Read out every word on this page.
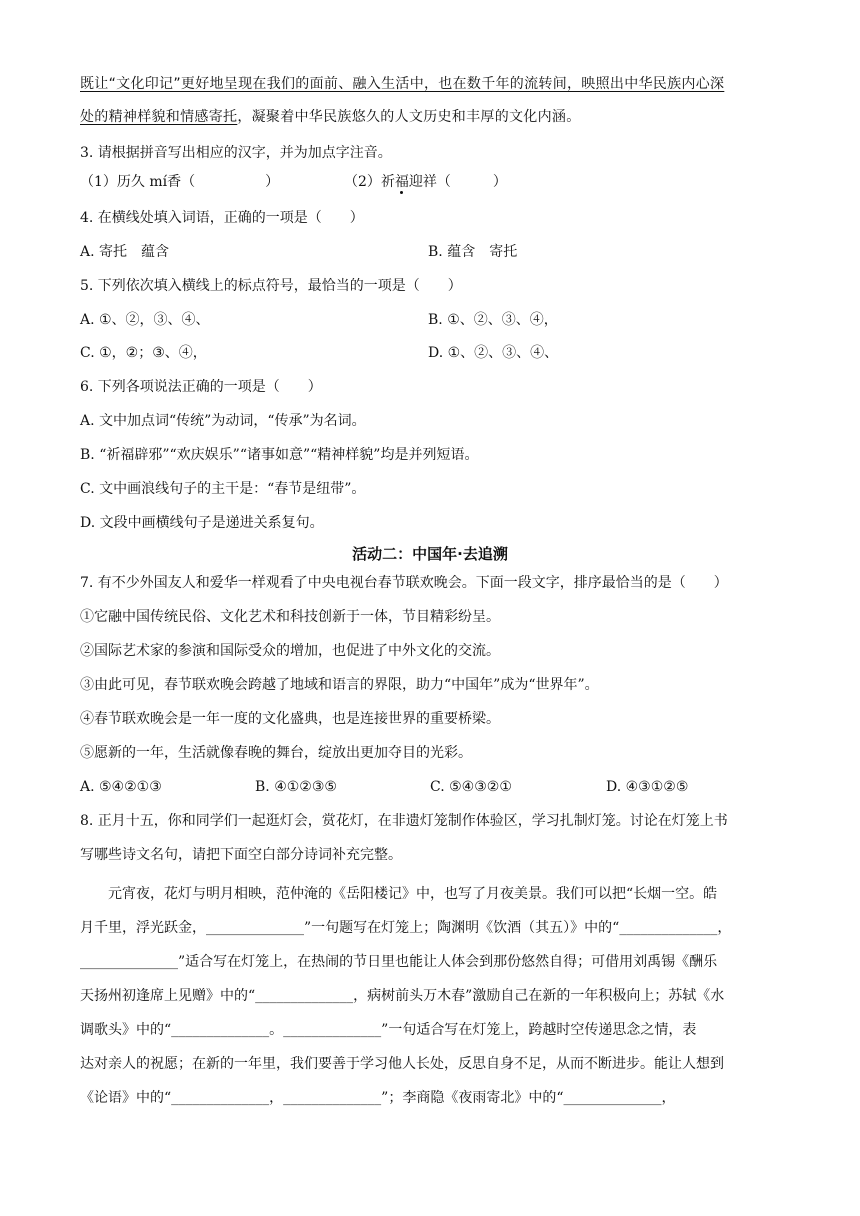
既让“文化印记”更好地呈现在我们的面前、融入生活中，也在数千年的流转间，映照出中华民族内心深
处的精神样貌和情感寄托，凝聚着中华民族悠久的人文历史和丰厚的文化内涵。
3. 请根据拼音写出相应的汉字，并为加点字注音。
（1）历久 mí香（　　　　　）	（2）祈福迎祥（　　　）
4. 在横线处填入词语，正确的一项是（　　）
A. 寄托　蕴含	B. 蕴含　寄托
5. 下列依次填入横线上的标点符号，最恰当的一项是（　　）
A. ①、②，③、④、	B. ①、②、③、④，
C. ①，②；③、④，	D. ①、②、③、④、
6. 下列各项说法正确的一项是（　　）
A. 文中加点词“传统”为动词，“传承”为名词。
B. “祈福辟邪”“欢庆娱乐”“诸事如意”“精神样貌”均是并列短语。
C. 文中画浪线句子的主干是：“春节是纽带”。
D. 文段中画横线句子是递进关系复句。
活动二：中国年·去追溯
7. 有不少外国友人和爱华一样观看了中央电视台春节联欢晚会。下面一段文字，排序最恰当的是（　　）
①它融中国传统民俗、文化艺术和科技创新于一体，节目精彩纷呈。
②国际艺术家的参演和国际受众的增加，也促进了中外文化的交流。
③由此可见，春节联欢晚会跨越了地域和语言的界限，助力“中国年”成为“世界年”。
④春节联欢晚会是一年一度的文化盛典，也是连接世界的重要桥梁。
⑤愿新的一年，生活就像春晚的舞台，绽放出更加夺目的光彩。
A. ⑤④②①③	B. ④①②③⑤	C. ⑤④③②①	D. ④③①②⑤
8. 正月十五，你和同学们一起逛灯会，赏花灯，在非遗灯笼制作体验区，学习扎制灯笼。讨论在灯笼上书
写哪些诗文名句，请把下面空白部分诗词补充完整。
元宵夜，花灯与明月相映，范仲淹的《岳阳楼记》中，也写了月夜美景。我们可以把“长烟一空。皓
月千里，浮光跃金，______________”一句题写在灯笼上；陶渊明《饮酒（其五）》中的“______________，
______________”适合写在灯笼上，在热闹的节日里也能让人体会到那份悠然自得；可借用刘禹锡《酬乐
天扬州初逢席上见赠》中的“______________，病树前头万木春”激励自己在新的一年积极向上；苏轼《水
调歌头》中的“______________。______________”一句适合写在灯笼上，跨越时空传递思念之情，表
达对亲人的祝愿；在新的一年里，我们要善于学习他人长处，反思自身不足，从而不断进步。能让人想到
《论语》中的“______________，______________”；李商隐《夜雨寄北》中的“______________，
